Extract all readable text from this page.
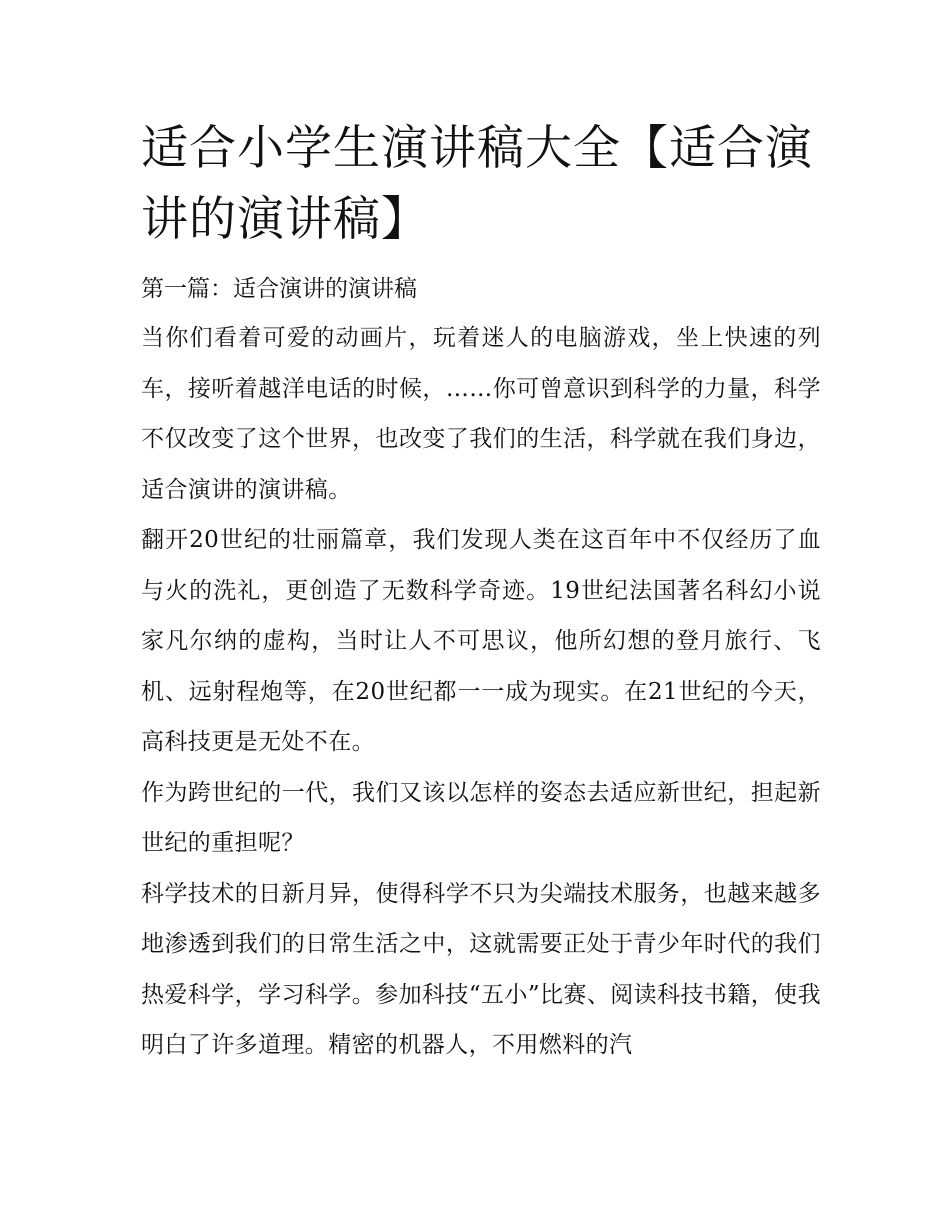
适合小学生演讲稿大全【适合演讲的演讲稿】

第一篇：适合演讲的演讲稿

当你们看着可爱的动画片，玩着迷人的电脑游戏，坐上快速的列车，接听着越洋电话的时候，……你可曾意识到科学的力量，科学不仅改变了这个世界，也改变了我们的生活，科学就在我们身边，适合演讲的演讲稿。

翻开20世纪的壮丽篇章，我们发现人类在这百年中不仅经历了血与火的洗礼，更创造了无数科学奇迹。19世纪法国著名科幻小说家凡尔纳的虚构，当时让人不可思议，他所幻想的登月旅行、飞机、远射程炮等，在20世纪都一一成为现实。在21世纪的今天，高科技更是无处不在。

作为跨世纪的一代，我们又该以怎样的姿态去适应新世纪，担起新世纪的重担呢？

科学技术的日新月异，使得科学不只为尖端技术服务，也越来越多地渗透到我们的日常生活之中，这就需要正处于青少年时代的我们热爱科学，学习科学。参加科技“五小”比赛、阅读科技书籍，使我明白了许多道理。精密的机器人，不用燃料的汽
